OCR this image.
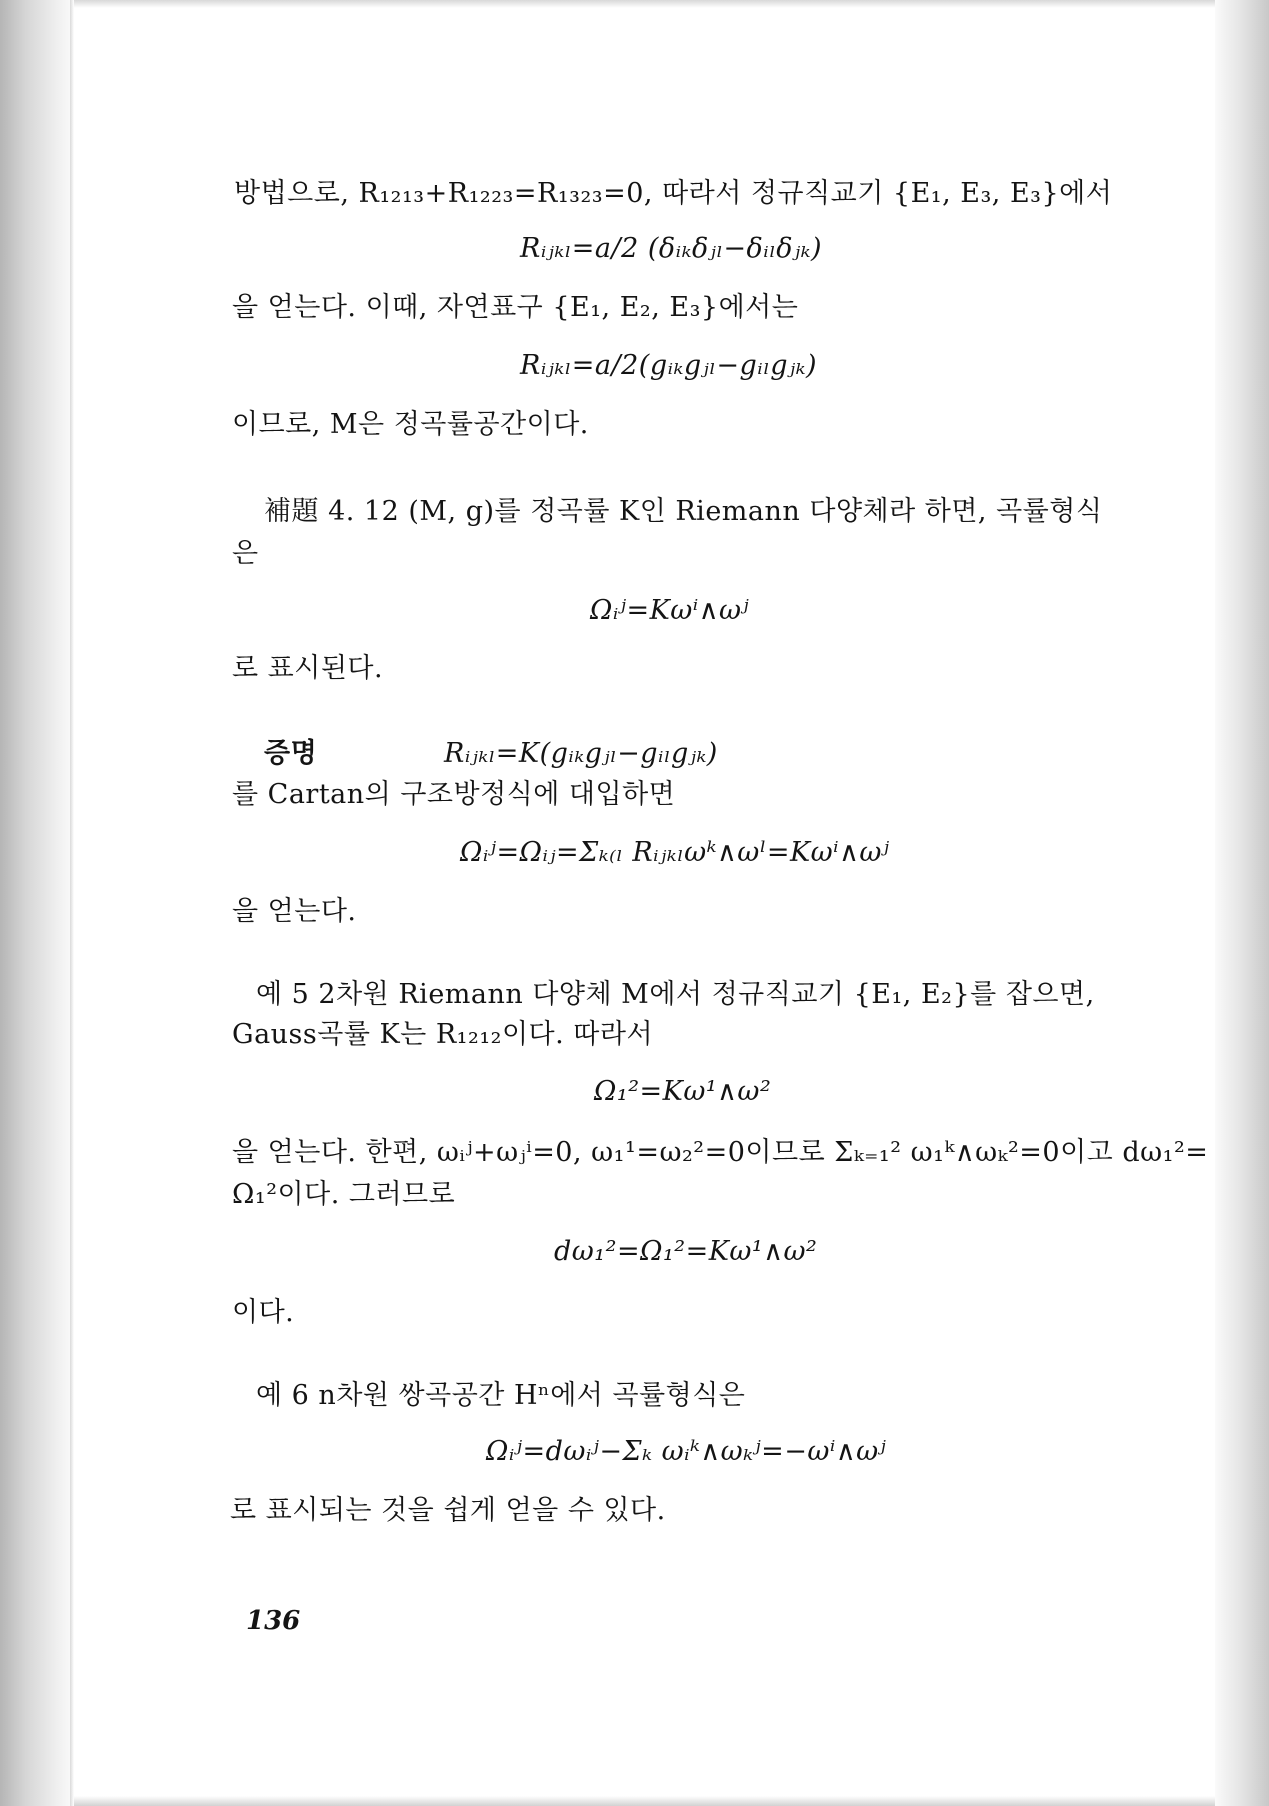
방법으로, R₁₂₁₃+R₁₂₂₃=R₁₃₂₃=0, 따라서 정규직교기 {E₁, E₃, E₃}에서
Rᵢⱼₖₗ=a/2 (δᵢₖδⱼₗ−δᵢₗδⱼₖ)
을 얻는다. 이때, 자연표구 {E₁, E₂, E₃}에서는
Rᵢⱼₖₗ=a/2(gᵢₖgⱼₗ−gᵢₗgⱼₖ)
이므로, M은 정곡률공간이다.
補題 4. 12 (M, g)를 정곡률 K인 Riemann 다양체라 하면, 곡률형식
은
Ωᵢʲ=Kωⁱ∧ωʲ
로 표시된다.
증명	Rᵢⱼₖₗ=K(gᵢₖgⱼₗ−gᵢₗgⱼₖ)
를 Cartan의 구조방정식에 대입하면
Ωᵢʲ=Ωᵢⱼ=Σₖ₍ₗ Rᵢⱼₖₗωᵏ∧ωˡ=Kωⁱ∧ωʲ
을 얻는다.
예 5 2차원 Riemann 다양체 M에서 정규직교기 {E₁, E₂}를 잡으면,
Gauss곡률 K는 R₁₂₁₂이다. 따라서
Ω₁²=Kω¹∧ω²
을 얻는다. 한편, ωᵢʲ+ωⱼⁱ=0, ω₁¹=ω₂²=0이므로 Σₖ₌₁² ω₁ᵏ∧ωₖ²=0이고 dω₁²=
Ω₁²이다. 그러므로
dω₁²=Ω₁²=Kω¹∧ω²
이다.
예 6 n차원 쌍곡공간 Hⁿ에서 곡률형식은
Ωᵢʲ=dωᵢʲ−Σₖ ωᵢᵏ∧ωₖʲ=−ωⁱ∧ωʲ
로 표시되는 것을 쉽게 얻을 수 있다.
136
